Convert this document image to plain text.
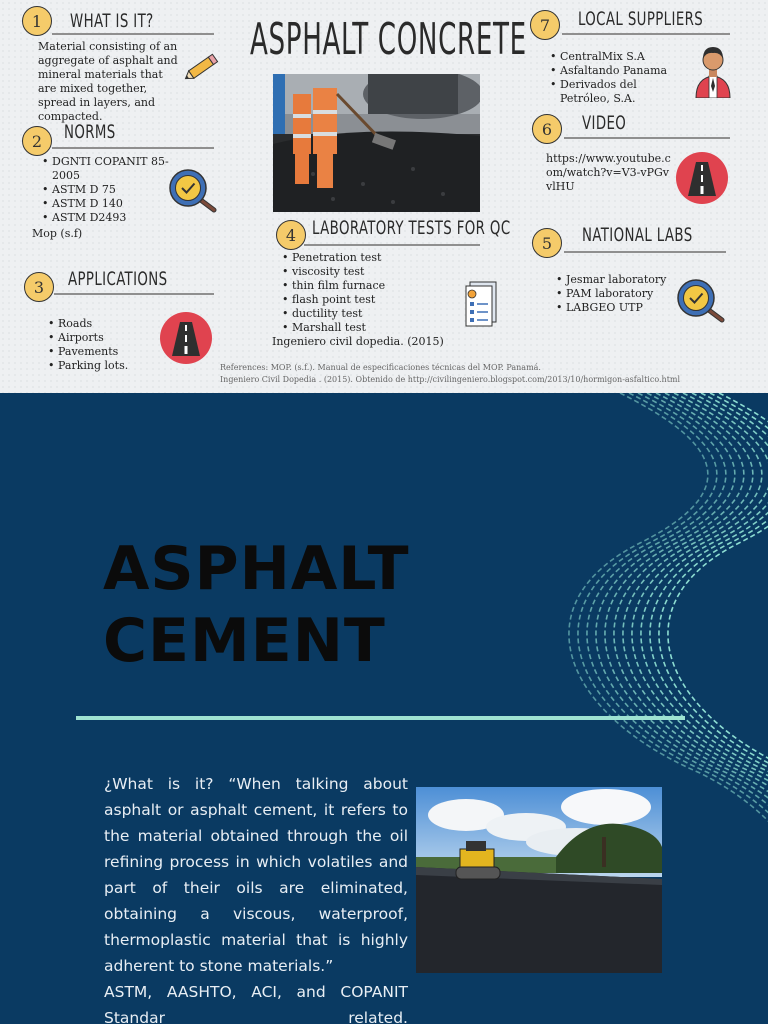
ASPHALT CONCRETE
1	WHAT IS IT?
Material consisting of an aggregate of asphalt and mineral materials that are mixed together, spread in layers, and compacted.
2	NORMS
• DGNTI COPANIT 85-2005
• ASTM D 75
• ASTM D 140
• ASTM D2493
Mop (s.f)
3	APPLICATIONS
• Roads
• Airports
• Pavements
• Parking lots.
4 LABORATORY TESTS FOR QC
• Penetration test
• viscosity test
• thin film furnace
• flash point test
• ductility test
• Marshall test
Ingeniero civil dopedia. (2015)
7	LOCAL SUPPLIERS
• CentralMix S.A
• Asfaltando Panama
• Derivados del Petróleo, S.A.
6	VIDEO
https://www.youtube.com/watch?v=V3-vPGvvlHU
5	NATIONAL LABS
• Jesmar laboratory
• PAM laboratory
• LABGEO UTP
References: MOP. (s.f.). Manual de especificaciones técnicas del MOP. Panamá.
Ingeniero Civil Dopedia . (2015). Obtenido de http://civilingeniero.blogspot.com/2013/10/hormigon-asfaltico.html
ASPHALT
CEMENT
¿What is it? “When talking about asphalt or asphalt cement, it refers to the material obtained through the oil refining process in which volatiles and part of their oils are eliminated, obtaining a viscous, waterproof, thermoplastic material that is highly adherent to stone materials.”
ASTM, AASHTO, ACI, and COPANIT Standar related.
